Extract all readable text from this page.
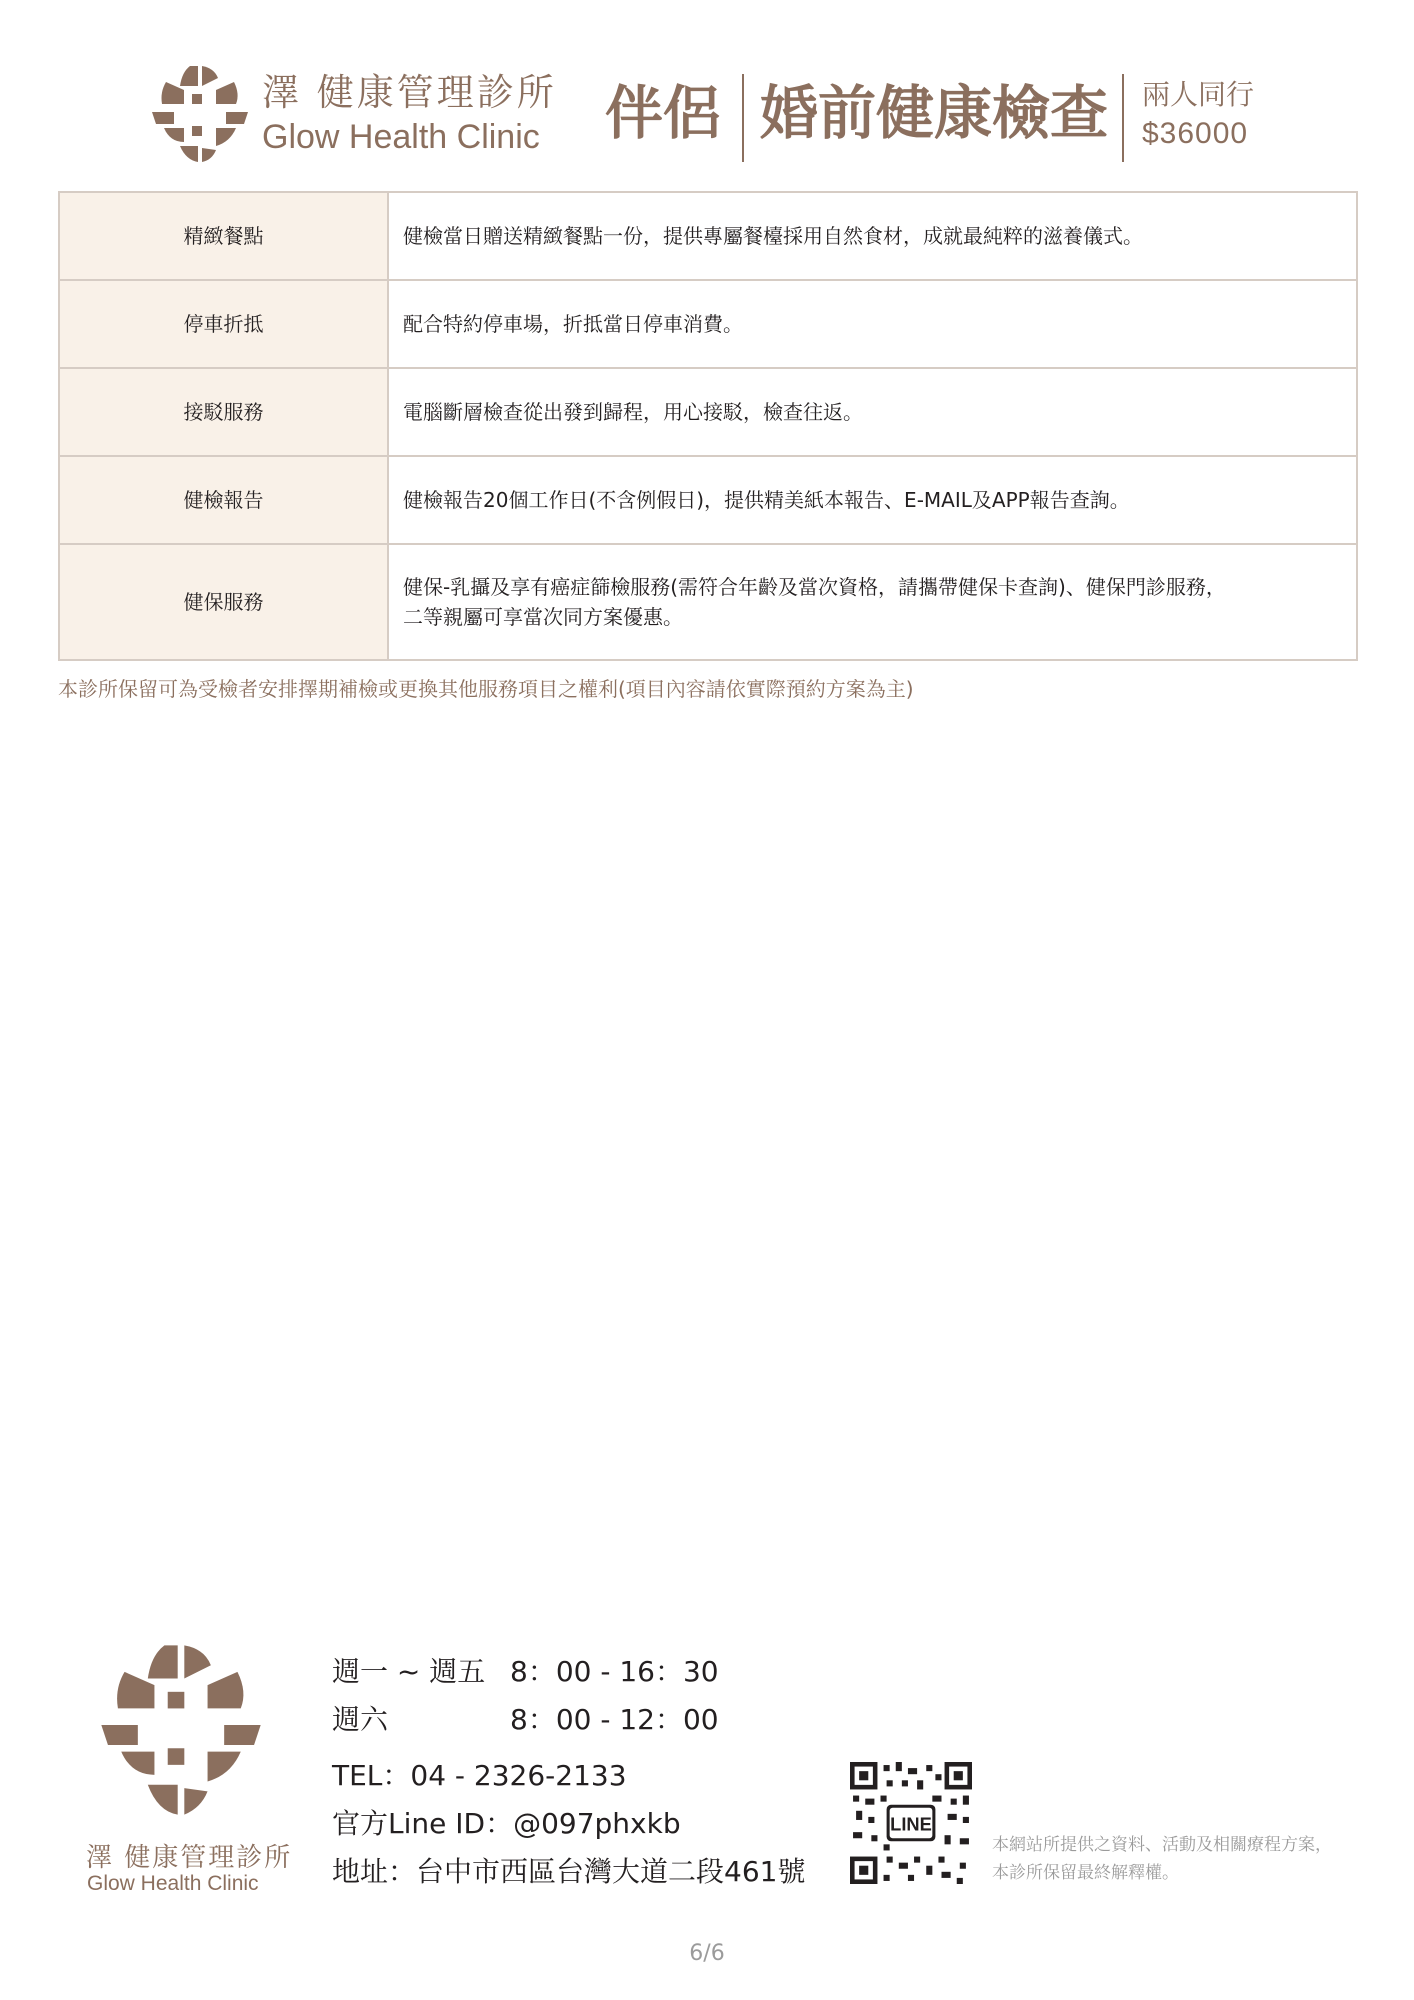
澤 健康管理診所
Glow Health Clinic 伴侶 婚前健康檢查 兩人同行
$36000
精緻餐點	健檢當日贈送精緻餐點一份，提供專屬餐檯採用自然食材，成就最純粹的滋養儀式。
停車折抵	配合特約停車場，折抵當日停車消費。
接駁服務	電腦斷層檢查從出發到歸程，用心接駁，檢查往返。
健檢報告	健檢報告20個工作日(不含例假日)，提供精美紙本報告、E-MAIL及APP報告查詢。
健保服務	健保-乳攝及享有癌症篩檢服務(需符合年齡及當次資格，請攜帶健保卡查詢)、健保門診服務，
二等親屬可享當次同方案優惠。
本診所保留可為受檢者安排擇期補檢或更換其他服務項目之權利(項目內容請依實際預約方案為主)
澤 健康管理診所
Glow Health Clinic
週一 ~ 週五 8：00 - 16：30
週六	8：00 - 12：00
TEL：04 - 2326-2133
官方Line ID：@097phxkb
地址：台中市西區台灣大道二段461號
LINE
本網站所提供之資料、活動及相關療程方案，
本診所保留最終解釋權。
6/6
